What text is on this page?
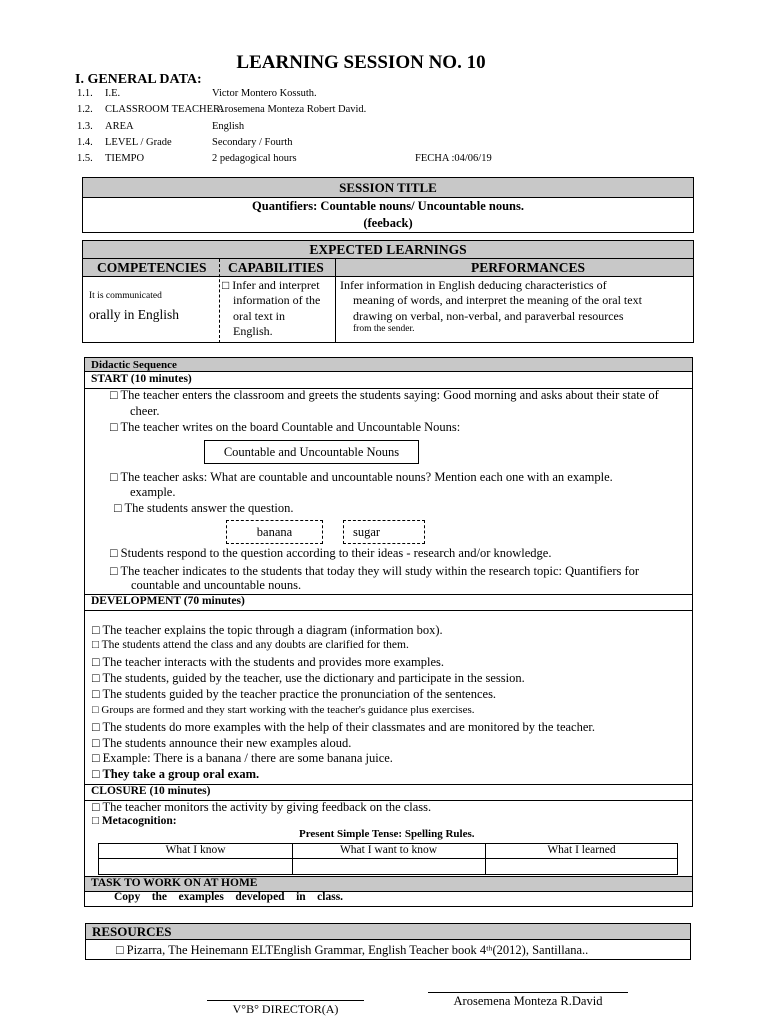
LEARNING SESSION NO. 10
I. GENERAL DATA:
1.1. I.E.	Victor Montero Kossuth.
1.2. CLASSROOM TEACHER:
Arosemena Monteza Robert David.
1.3. AREA	English
1.4. LEVEL / Grade	Secondary / Fourth
1.5. TIEMPO	2 pedagogical hours	FECHA :04/06/19
SESSION TITLE
Quantifiers: Countable nouns/ Uncountable nouns.
(feeback)
EXPECTED LEARNINGS
COMPETENCIES CAPABILITIES	PERFORMANCES
It is communicated
orally in English
□ Infer and interpret
information of the
oral text in
English.
Infer information in English deducing characteristics of
meaning of words, and interpret the meaning of the oral text
drawing on verbal, non-verbal, and paraverbal resources
from the sender.
Didactic Sequence
START (10 minutes)
DEVELOPMENT (70 minutes)
CLOSURE (10 minutes)
TASK TO WORK ON AT HOME
□ The teacher enters the classroom and greets the students saying: Good morning and asks about their state of
cheer.
□ The teacher writes on the board Countable and Uncountable Nouns:
Countable and Uncountable Nouns
□ The teacher asks: What are countable and uncountable nouns? Mention each one with an example.
example.
□ The students answer the question.
banana	sugar
□ Students respond to the question according to their ideas - research and/or knowledge.
□ The teacher indicates to the students that today they will study within the research topic: Quantifiers for
countable and uncountable nouns.
□ The teacher explains the topic through a diagram (information box).
□ The students attend the class and any doubts are clarified for them.
□ The teacher interacts with the students and provides more examples.
□ The students, guided by the teacher, use the dictionary and participate in the session.
□ The students guided by the teacher practice the pronunciation of the sentences.
□ Groups are formed and they start working with the teacher's guidance plus exercises.
□ The students do more examples with the help of their classmates and are monitored by the teacher.
□ The students announce their new examples aloud.
□ Example: There is a banana / there are some banana juice.
□ They take a group oral exam.
□ The teacher monitors the activity by giving feedback on the class.
□ Metacognition:
Present Simple Tense: Spelling Rules.
What I know	What I want to know	What I learned
Copy    the    examples    developed    in    class.
RESOURCES
□ Pizarra, The Heinemann ELTEnglish Grammar, English Teacher book 4ᵗʰ(2012), Santillana..
V°B° DIRECTOR(A)
Arosemena Monteza R.David
